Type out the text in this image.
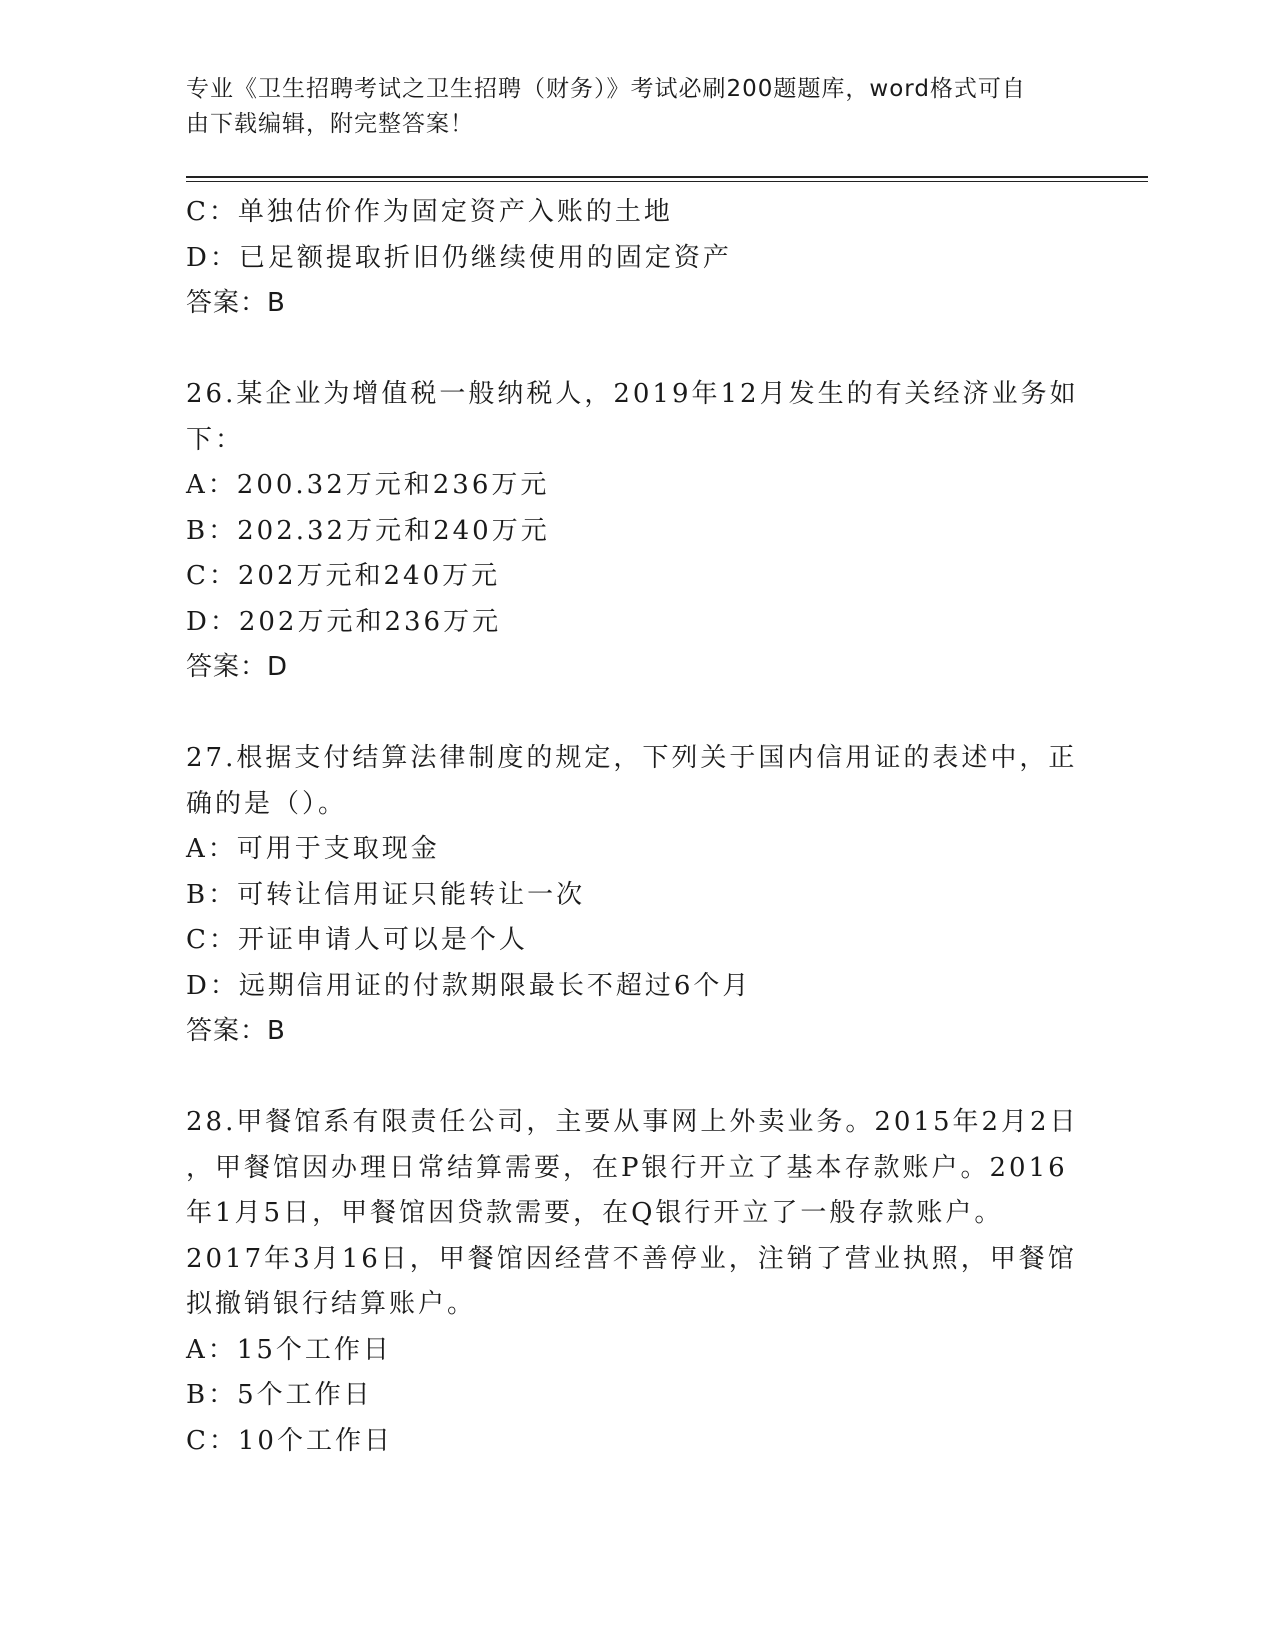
专业《卫生招聘考试之卫生招聘（财务）》考试必刷200题题库，word格式可自
由下载编辑，附完整答案！
C：单独估价作为固定资产入账的土地
D：已足额提取折旧仍继续使用的固定资产
答案：B
26.某企业为增值税一般纳税人，2019年12月发生的有关经济业务如
下：
A：200.32万元和236万元
B：202.32万元和240万元
C：202万元和240万元
D：202万元和236万元
答案：D
27.根据支付结算法律制度的规定，下列关于国内信用证的表述中，正
确的是（）。
A：可用于支取现金
B：可转让信用证只能转让一次
C：开证申请人可以是个人
D：远期信用证的付款期限最长不超过6个月
答案：B
28.甲餐馆系有限责任公司，主要从事网上外卖业务。2015年2月2日
，甲餐馆因办理日常结算需要，在P银行开立了基本存款账户。2016
年1月5日，甲餐馆因贷款需要，在Q银行开立了一般存款账户。
2017年3月16日，甲餐馆因经营不善停业，注销了营业执照，甲餐馆
拟撤销银行结算账户。
A：15个工作日
B：5个工作日
C：10个工作日
